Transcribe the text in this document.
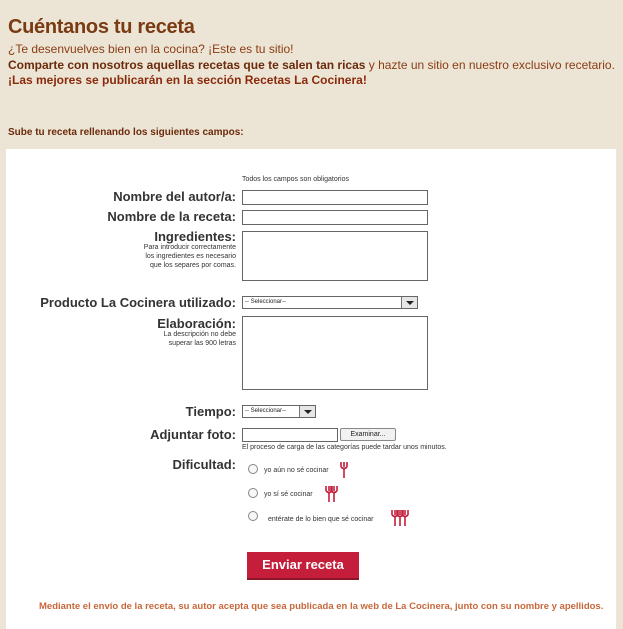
Cuéntanos tu receta
¿Te desenvuelves bien en la cocina? ¡Este es tu sitio!
Comparte con nosotros aquellas recetas que te salen tan ricas y hazte un sitio en nuestro exclusivo recetario.
¡Las mejores se publicarán en la sección Recetas La Cocinera!
Sube tu receta rellenando los siguientes campos:
Todos los campos son obligatorios
Nombre del autor/a:
Nombre de la receta:
Ingredientes:
Para introducir correctamente
los ingredientes es necesario
que los separes por comas.
Producto La Cocinera utilizado:	-- Seleccionar--
Elaboración:
La descripción no debe
superar las 900 letras
Tiempo:	-- Seleccionar--
Adjuntar foto:	Examinar...
El proceso de carga de las categorías puede tardar unos minutos.
Dificultad:	yo aún no sé cocinar
yo sí sé cocinar
entérate de lo bien que sé cocinar
Enviar receta
Mediante el envío de la receta, su autor acepta que sea publicada en la web de La Cocinera, junto con su nombre y apellidos.
